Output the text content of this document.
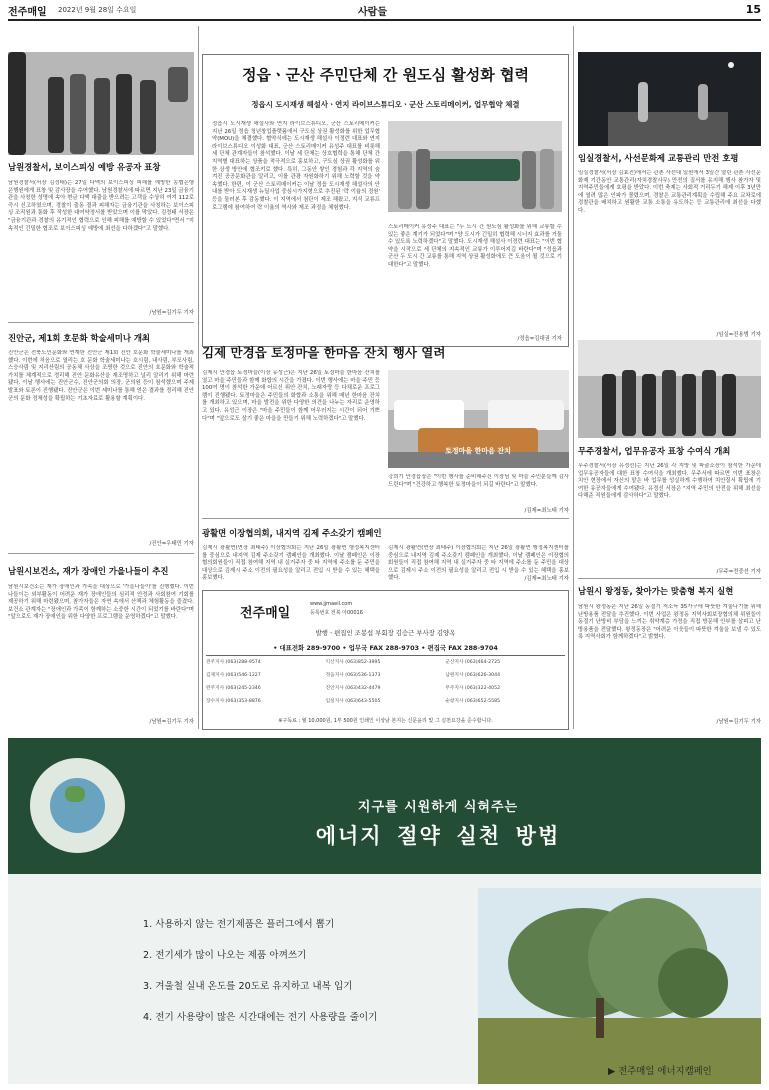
전주매일 2022년 9월 28일 수요일	사람들	15
남원경찰서, 보이스피싱 예방 유공자 표창
남원경찰서(서장 김정태)는 27일 다액의 보이스피싱 피해를 예방한 농협은행 은행원에게 표창 및 감사장을 수여했다. 남원경찰서에 따르면 지난 23일 금융기관을 사칭한 성명에 속아 현금 다액 대출을 받으려는 고객을 수상히 여겨 112로 즉시 신고하였으며, 경찰이 출동 결과 피해자는 금융기관을 사칭하는 보이스피싱 조직원과 통화 후 작성한 대여약정서를 받았으며 이를 막았다. 김정태 서장은 "금융기관과 경찰의 유기적인 협력으로 인해 피해를 예방할 수 있었다"면서 "지속적인 긴밀한 협조로 보이스피싱 예방에 최선을 다하겠다"고 말했다.
/남원=김기두 기자
진안군, 제1회 호문화 학술세미나 개최
진안군은 전북도민문화와 연계한 진안군 제1회 진안 호문화 학술세미나를 개최했다. 이번에 처음으로 열리는 호 문화 학술세미나는 호시림, 내사림, 부모사림, 스승사림 및 지리산림의 공동체 사상을 조명한 것으로 진안의 호문화와 학술적 가치를 체계적으로 정리해 진안 문화유산을 재조명하고 널리 알리기 위해 마련됐다. 이날 행사에는 진안군수, 진안군의회 의장, 군의원 등이 참석했으며 주제발표와 토론이 진행됐다. 진안군은 이번 세미나를 통해 얻은 결과를 정리해 진안군의 문화 정체성을 확립하는 기초자료로 활용할 계획이다.
/진안=우태민 기자
남원시보건소, 재가 장애인 가을나들이 추진
남원시보건소는 재가 장애인과 가족을 대상으로 '가을나들이'를 진행했다. 이번 나들이는 외부활동이 어려운 재가 장애인들의 심리적 안정과 사회참여 기회를 제공하기 위해 마련됐으며, 참가자들은 자연 속에서 산책과 체험활동을 즐겼다. 보건소 관계자는 "장애인과 가족이 함께하는 소중한 시간이 되었기를 바란다"며 "앞으로도 재가 장애인을 위한 다양한 프로그램을 운영하겠다"고 말했다.
/남원=김기두 기자
정읍ㆍ군산 주민단체 간 원도심 활성화 협력
정읍시 도시재생 해설사ㆍ연지 라이브스튜디오ㆍ군산 스토리메이커, 업무협약 체결
정읍시 도시재생 해설사와 연지 라이브스튜디오, 군산 스토리메이커는 지난 26일 정읍 청년창업플랫폼에서 구도심 상권 활성화를 위한 업무협약(MOU)을 체결했다. 협약식에는 도시재생 해설사 이정련 대표와 연지 라이브스튜디오 이성화 대표, 군산 스토리메이커 유성주 대표를 비롯해 세 단체 관계자들이 참석했다. 이날 세 단체는 상호협력을 통해 단체 간 지역별 대표하는 상품을 적극적으로 홍보하고, 구도심 상권 활성화를 위한 상생 방안에 협조키로 했다. 특히, 그동안 쌓인 경험과 각 지역의 숨겨진 공공문화관을 알리고, 이를 관광 자원화하기 위해 노력할 것을 약속했다. 한편, 이 군산 스토리메이커는 이날 정읍 도시재생 해설사의 안내를 받아 도시재생 뉴딜사업 중심시가지형으로 추진된 '락 이율의 정원' 등을 둘러본 후 감동했다. 이 지역에서 첨단이 제조 해왔고, 지식 교류프로그램에 참여하여 락 이율의 역사와 제조 과정을 체험했다.
스토리메이커 유성주 대표는 "두 도시 간 원도심 활성화를 위해 교류할 수 있는 좋은 계기가 되었다"며 "양 도시가 긴밀히 협력해 시너지 효과를 거둘 수 있도록 노력하겠다"고 말했다. 도시재생 해설사 이정련 대표는 "이번 협약을 시작으로 세 단체의 지속적인 교류가 이루어지길 바란다"며 "정읍과 군산 두 도시 간 교류를 통해 지역 상권 활성화에도 큰 도움이 될 것으로 기대한다"고 말했다.
/정읍=김대권 기자
김제 만경읍 토정마을 한마음 잔치 행사 열려
김제시 만경읍 토정마을(이장 유성근)은 지난 26일 토정마을 한마음 잔치를 열고 마을 주민들과 함께 화합의 시간을 가졌다. 이번 행사에는 마을 주민 등 100여 명이 참석한 가운데 어르신 위안 잔치, 노래자랑 등 다채로운 프로그램이 진행됐다. 토정마을은 주민들의 화합과 소통을 위해 매년 한마음 잔치를 개최하고 있으며, 마을 발전을 위한 다양한 의견을 나누는 자리로 운영하고 있다. 유성근 이장은 "마을 주민들이 함께 어우러지는 시간이 되어 기쁘다"며 "앞으로도 살기 좋은 마을을 만들기 위해 노력하겠다"고 말했다.
토정마을 한마음 잔치
강희기 만경읍장은 "이번 행사를 준비해주신 이장님 및 마을 주민분들께 감사드린다"며 "건강하고 행복한 토정마을이 되길 바란다"고 말했다.
/김제=최노태 기자
광활면 이장협의회, 내지역 김제 주소갖기 캠페인
김제시 광활면(면장 최태주) 이장협의회는 지난 26일 광활면 행정복지센터를 중심으로 내지역 김제 주소갖기 캠페인을 개최했다. 이날 캠페인은 이장협의회원들이 직접 참여해 지역 내 실거주자 중 타 지역에 주소를 둔 주민을 대상으로 김제시 주소 이전의 필요성을 알리고 전입 시 받을 수 있는 혜택을 홍보했다.
김제시 광활면(면장 최태주) 이장협의회는 지난 26일 광활면 행정복지센터를 중심으로 내지역 김제 주소갖기 캠페인을 개최했다. 이날 캠페인은 이장협의회원들이 직접 참여해 지역 내 실거주자 중 타 지역에 주소를 둔 주민을 대상으로 김제시 주소 이전의 필요성을 알리고 전입 시 받을 수 있는 혜택을 홍보했다.	/김제=최노태 기자
전주매일
www.jjmaeil.com
등록번호 전북 아00016
발행ㆍ편집인 조봉섭 부회장 김승근 부사장 김양옥
• 대표전화 289-9700 • 업무국 FAX 288-9703 • 편집국 FAX 288-9704
전주지사 (063)288-9574	익산지사 (063)852-3995	군산지사 (063)464-2725
김제지사 (063)546-1227	정읍지사 (063)536-1373	남원지사 (063)626-3044
완주지사 (063)245-2346	진안지사 (063)432-4479	무주지사 (063)322-4052
장수지사 (063)353-8876	임실지사 (063)643-5505	순창지사 (063)652-5585
※구독료 : 월 10,000원, 1부 500원 인쇄인 이상남 본지는 신문윤리 및 그 실천요강을 준수합니다.
임실경찰서, 사선문화제 교통관리 만전 호평
임실경찰서(서장 김효진)에서는 관촌 사선대 일원에서 3일간 열린 관촌 사선문화제 기간동안 교통관리(자치경찰사무) 만전의 질서를 유지해 행사 참가자 및 지역주민들에게 호평을 받았다. 이번 축제는 사회적 거리두기 해제 이후 3년만에 열려 많은 인파가 몰렸으며, 경찰은 교통관리계획을 수립해 주요 교차로에 경찰관을 배치하고 원활한 교통 소통을 유도하는 등 교통관리에 최선을 다했다.
/임실=진용범 기자
무주경찰서, 업무유공자 표창 수여식 개최
무주경찰서(서장 유정선)는 지난 26일 각 지방 및 파출소장이 참석한 가운데 업무유공자들에 대한 표창 수여식을 개최했다. 무주서에 따르면 이번 표창은 치안 현장에서 자신의 맡은 바 업무를 성실하게 수행하여 치안질서 확립에 기여한 유공자들에게 수여됐다. 유정선 서장은 "지역 주민의 안전을 위해 최선을 다해준 직원들에게 감사하다"고 말했다.
/무주=전중선 기자
남원시 왕정동, 찾아가는 맞춤형 복지 실현
남원시 왕정동은 지난 26일 동절기 저소득 35가구에 따뜻한 겨울나기를 위해 난방용품 전달을 추진했다. 이번 사업은 왕정동 지역사회보장협의체 위원들이 동절기 난방비 부담을 느끼는 취약계층 가정을 직접 방문해 안부를 살피고 난방용품을 전달했다. 왕정동장은 "어려운 이웃들이 따뜻한 겨울을 보낼 수 있도록 지역사회가 함께하겠다"고 밝혔다.
/남원=김기두 기자
지구를 시원하게 식혀주는
에너지 절약 실천 방법
1. 사용하지 않는 전기제품은 플러그에서 뽑기
2. 전기세가 많이 나오는 제품 아껴쓰기
3. 겨울철 실내 온도를 20도로 유지하고 내복 입기
4. 전기 사용량이 많은 시간대에는 전기 사용량을 줄이기
▶ 전주매일 에너지캠페인
